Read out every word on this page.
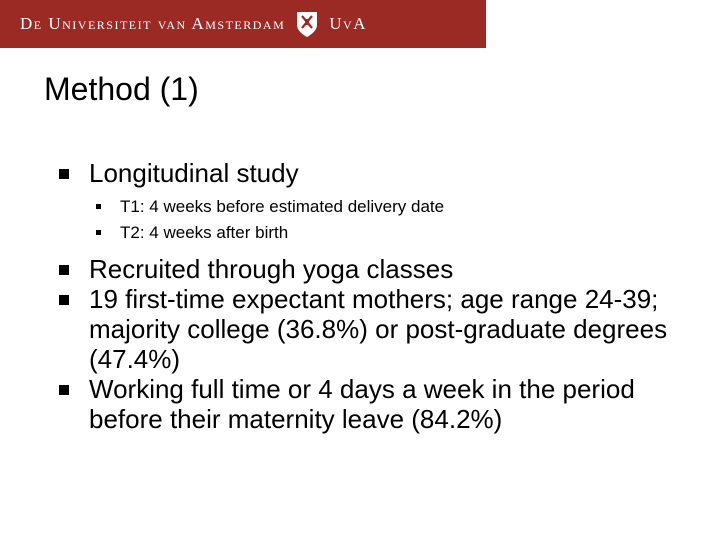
De Universiteit van Amsterdam	UvA
Method (1)
Longitudinal study
T1: 4 weeks before estimated delivery date
T2: 4 weeks after birth
Recruited through yoga classes
19 first-time expectant mothers; age range 24-39; majority college (36.8%) or post-graduate degrees (47.4%)
Working full time or 4 days a week in the period before their maternity leave (84.2%)
